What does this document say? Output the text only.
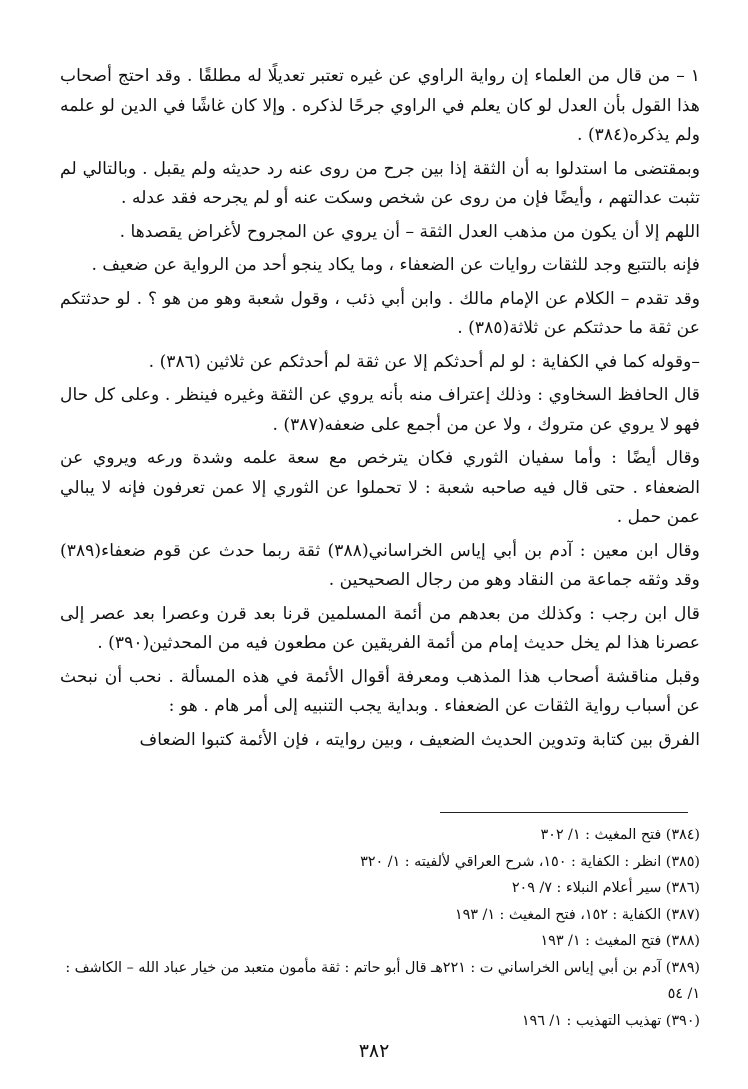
١ – من قال من العلماء إن رواية الراوي عن غيره تعتبر تعديلًا له مطلقًا . وقد احتج أصحاب هذا القول بأن العدل لو كان يعلم في الراوي جرحًا لذكره . وإلا كان غاشًا في الدين لو علمه ولم يذكره(٣٨٤) .

وبمقتضى ما استدلوا به أن الثقة إذا بين جرح من روى عنه رد حديثه ولم يقبل . وبالتالي لم تثبت عدالتهم ، وأيضًا فإن من روى عن شخص وسكت عنه أو لم يجرحه فقد عدله .

اللهم إلا أن يكون من مذهب العدل الثقة – أن يروي عن المجروح لأغراض يقصدها .

فإنه بالتتبع وجد للثقات روايات عن الضعفاء ، وما يكاد ينجو أحد من الرواية عن ضعيف .

وقد تقدم – الكلام عن الإمام مالك . وابن أبي ذئب ، وقول شعبة وهو من هو ؟ . لو حدثتكم عن ثقة ما حدثتكم عن ثلاثة(٣٨٥) .

–وقوله كما في الكفاية : لو لم أحدثكم إلا عن ثقة لم أحدثكم عن ثلاثين (٣٨٦) .

قال الحافظ السخاوي : وذلك إعتراف منه بأنه يروي عن الثقة وغيره فينظر . وعلى كل حال فهو لا يروي عن متروك ، ولا عن من أجمع على ضعفه(٣٨٧) .

وقال أيضًا : وأما سفيان الثوري فكان يترخص مع سعة علمه وشدة ورعه ويروي عن الضعفاء . حتى قال فيه صاحبه شعبة : لا تحملوا عن الثوري إلا عمن تعرفون فإنه لا يبالي عمن حمل .

وقال ابن معين : آدم بن أبي إياس الخراساني(٣٨٨) ثقة ربما حدث عن قوم ضعفاء(٣٨٩) وقد وثقه جماعة من النقاد وهو من رجال الصحيحين .

قال ابن رجب : وكذلك من بعدهم من أئمة المسلمين قرنا بعد قرن وعصرا بعد عصر إلى عصرنا هذا لم يخل حديث إمام من أئمة الفريقين عن مطعون فيه من المحدثين(٣٩٠) .

وقبل مناقشة أصحاب هذا المذهب ومعرفة أقوال الأئمة في هذه المسألة . نحب أن نبحث عن أسباب رواية الثقات عن الضعفاء . وبداية يجب التنبيه إلى أمر هام . هو :

الفرق بين كتابة وتدوين الحديث الضعيف ، وبين روايته ، فإن الأئمة كتبوا الضعاف

(٣٨٤) فتح المغيث : ١/ ٣٠٢

(٣٨٥) انظر : الكفاية : ١٥٠، شرح العراقي لألفيته : ١/ ٣٢٠

(٣٨٦) سير أعلام النبلاء : ٧/ ٢٠٩

(٣٨٧) الكفاية : ١٥٢، فتح المغيث : ١/ ١٩٣

(٣٨٨) فتح المغيث : ١/ ١٩٣

(٣٨٩) آدم بن أبي إياس الخراساني ت : ٢٢١هـ قال أبو حاتم : ثقة مأمون متعبد من خيار عباد الله – الكاشف : ١/ ٥٤

(٣٩٠) تهذيب التهذيب : ١/ ١٩٦

٣٨٢
